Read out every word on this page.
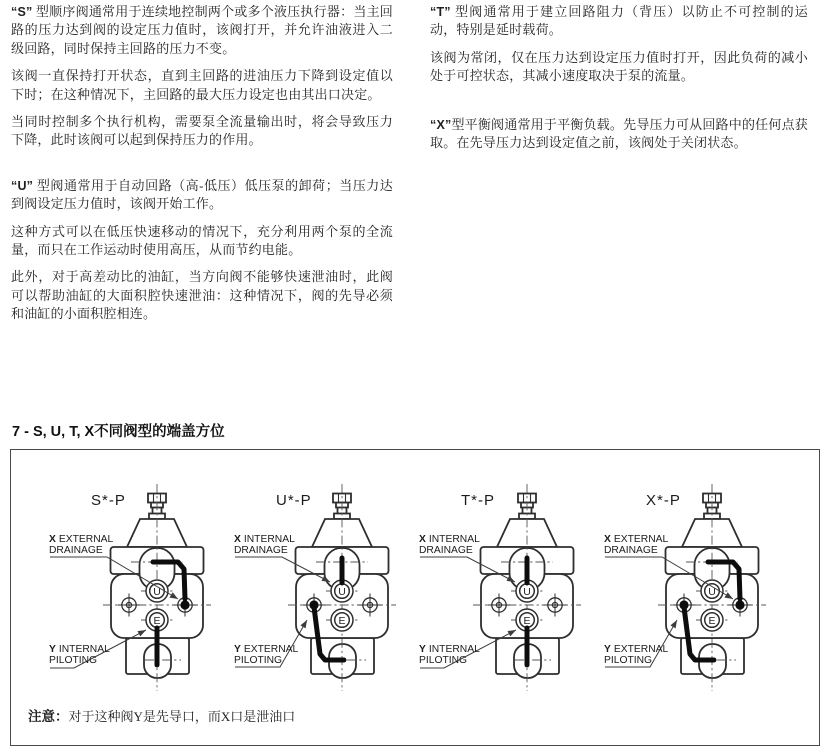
“S” 型顺序阀通常用于连续地控制两个或多个液压执行器：当主回路的压力达到阀的设定压力值时，该阀打开，并允许油液进入二级回路，同时保持主回路的压力不变。

该阀一直保持打开状态，直到主回路的进油压力下降到设定值以下时；在这种情况下，主回路的最大压力设定也由其出口决定。

当同时控制多个执行机构，需要泵全流量输出时，将会导致压力下降，此时该阀可以起到保持压力的作用。

“U” 型阀通常用于自动回路（高-低压）低压泵的卸荷；当压力达到阀设定压力值时，该阀开始工作。

这种方式可以在低压快速移动的情况下，充分利用两个泵的全流量，而只在工作运动时使用高压，从而节约电能。

此外，对于高差动比的油缸，当方向阀不能够快速泄油时，此阀可以帮助油缸的大面积腔快速泄油：这种情况下，阀的先导必须和油缸的小面积腔相连。

“T” 型阀通常用于建立回路阻力（背压）以防止不可控制的运动，特别是延时载荷。

该阀为常闭，仅在压力达到设定压力值时打开，因此负荷的减小处于可控状态，其减小速度取决于泵的流量。

“X”型平衡阀通常用于平衡负载。先导压力可从回路中的任何点获取。在先导压力达到设定值之前，该阀处于关闭状态。

7 - S, U, T, X不同阀型的端盖方位

注意：对于这种阀Y是先导口，而X口是泄油口

U
E
S*-P
X EXTERNAL
DRAINAGE
Y INTERNAL
PILOTING
U
E
U*-P
X INTERNAL
DRAINAGE
Y EXTERNAL
PILOTING
U
E
T*-P
X INTERNAL
DRAINAGE
Y INTERNAL
PILOTING
U
E
X*-P
X EXTERNAL
DRAINAGE
Y EXTERNAL
PILOTING
